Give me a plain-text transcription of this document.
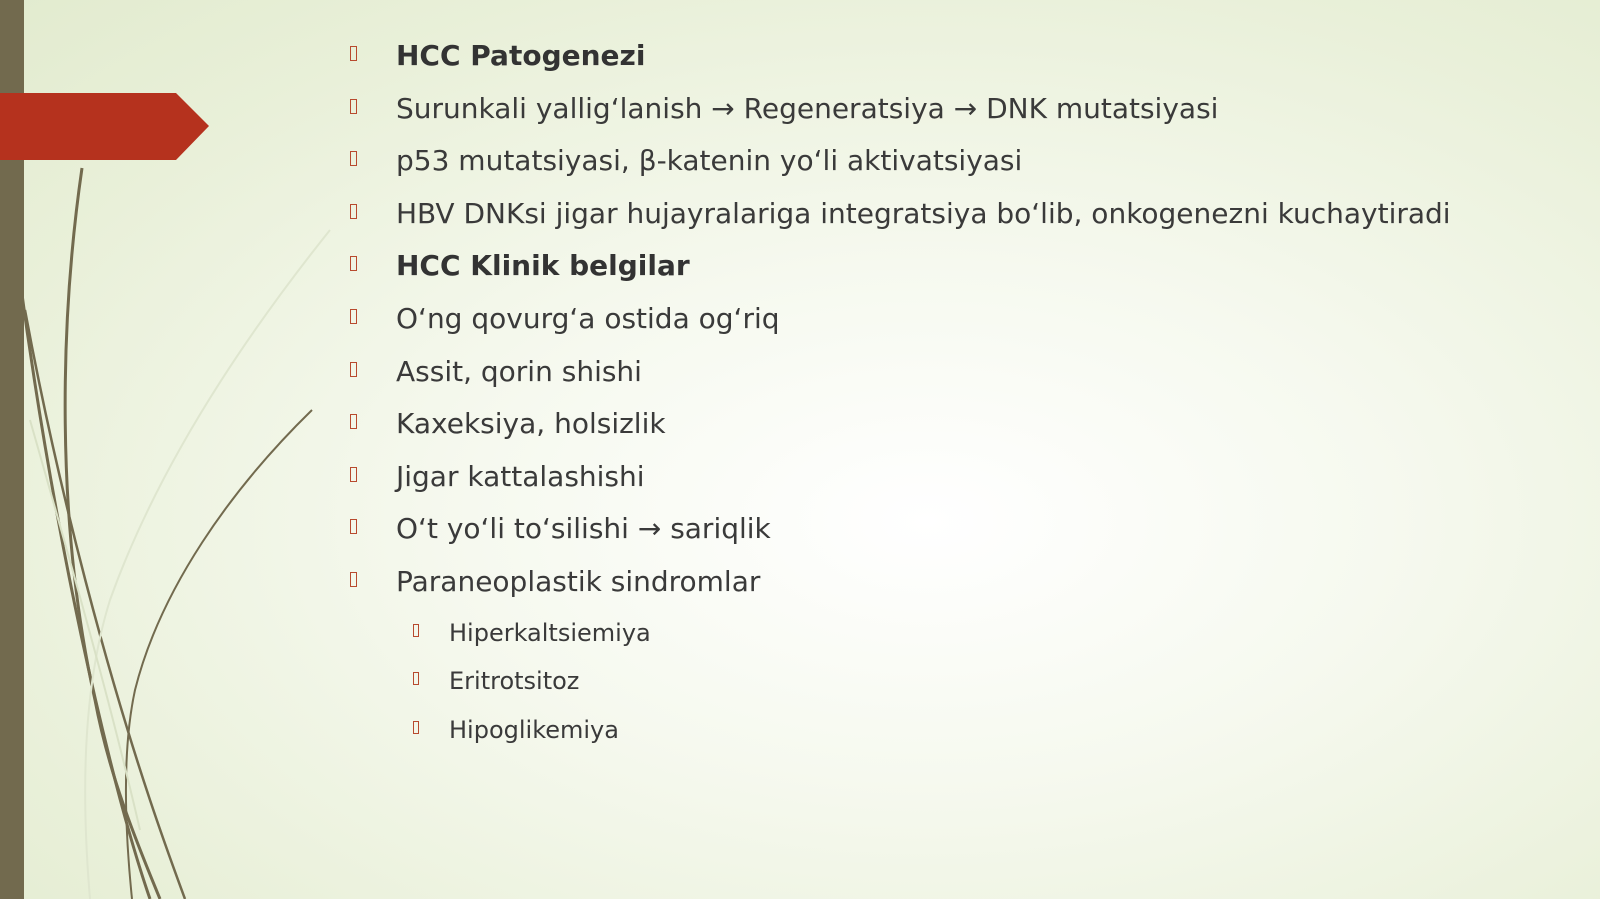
HCC Patogenezi
Surunkali yallig‘lanish → Regeneratsiya → DNK mutatsiyasi
p53 mutatsiyasi, β-katenin yo‘li aktivatsiyasi
HBV DNKsi jigar hujayralariga integratsiya bo‘lib, onkogenezni kuchaytiradi
HCC Klinik belgilar
O‘ng qovurg‘a ostida og‘riq
Assit, qorin shishi
Kaxeksiya, holsizlik
Jigar kattalashishi
O‘t yo‘li to‘silishi → sariqlik
Paraneoplastik sindromlar
Hiperkaltsiemiya
Eritrotsitoz
Hipoglikemiya
